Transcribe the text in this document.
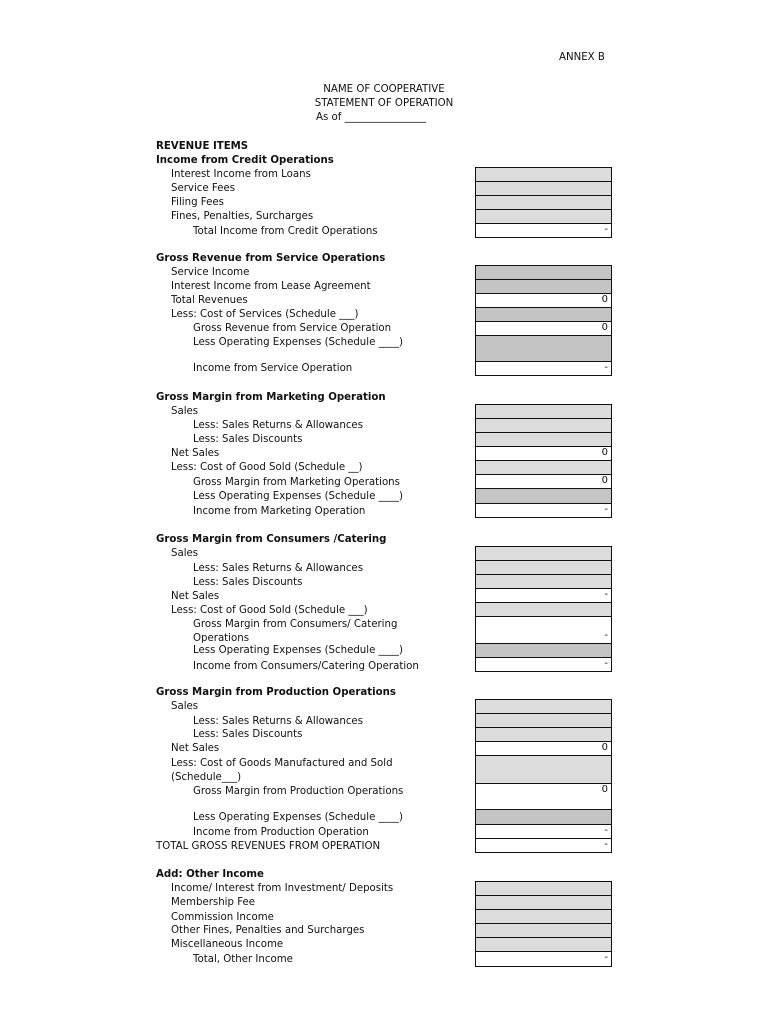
ANNEX B
NAME OF COOPERATIVE
STATEMENT OF OPERATION
As of ________________
REVENUE ITEMS
Income from Credit Operations
Interest Income from Loans
Service Fees
Filing Fees
Fines, Penalties, Surcharges
Total Income from Credit Operations	-
Gross Revenue from Service Operations
Service Income
Interest Income from Lease Agreement
Total Revenues
Less: Cost of Services (Schedule ___)
Gross Revenue from Service Operation
Less Operating Expenses (Schedule ____)
Income from Service Operation
0
0
-
Gross Margin from Marketing Operation
Sales
Less: Sales Returns & Allowances
Less: Sales Discounts
Net Sales
Less: Cost of Good Sold (Schedule __)
Gross Margin from Marketing Operations
Less Operating Expenses (Schedule ____)
Income from Marketing Operation
0
0
-
Gross Margin from Consumers /Catering
Sales
Less: Sales Returns & Allowances
Less: Sales Discounts
Net Sales
Less: Cost of Good Sold (Schedule ___)
Gross Margin from Consumers/ Catering
Operations
Less Operating Expenses (Schedule ____)
Income from Consumers/Catering Operation
-
-
-
Gross Margin from Production Operations
Sales
Less: Sales Returns & Allowances
Less: Sales Discounts
Net Sales
Less: Cost of Goods Manufactured and Sold
(Schedule___)
Gross Margin from Production Operations
Less Operating Expenses (Schedule ____)
Income from Production Operation
TOTAL GROSS REVENUES FROM OPERATION
0
0
-
-
Add: Other Income
Income/ Interest from Investment/ Deposits
Membership Fee
Commission Income
Other Fines, Penalties and Surcharges
Miscellaneous Income
Total, Other Income	-
